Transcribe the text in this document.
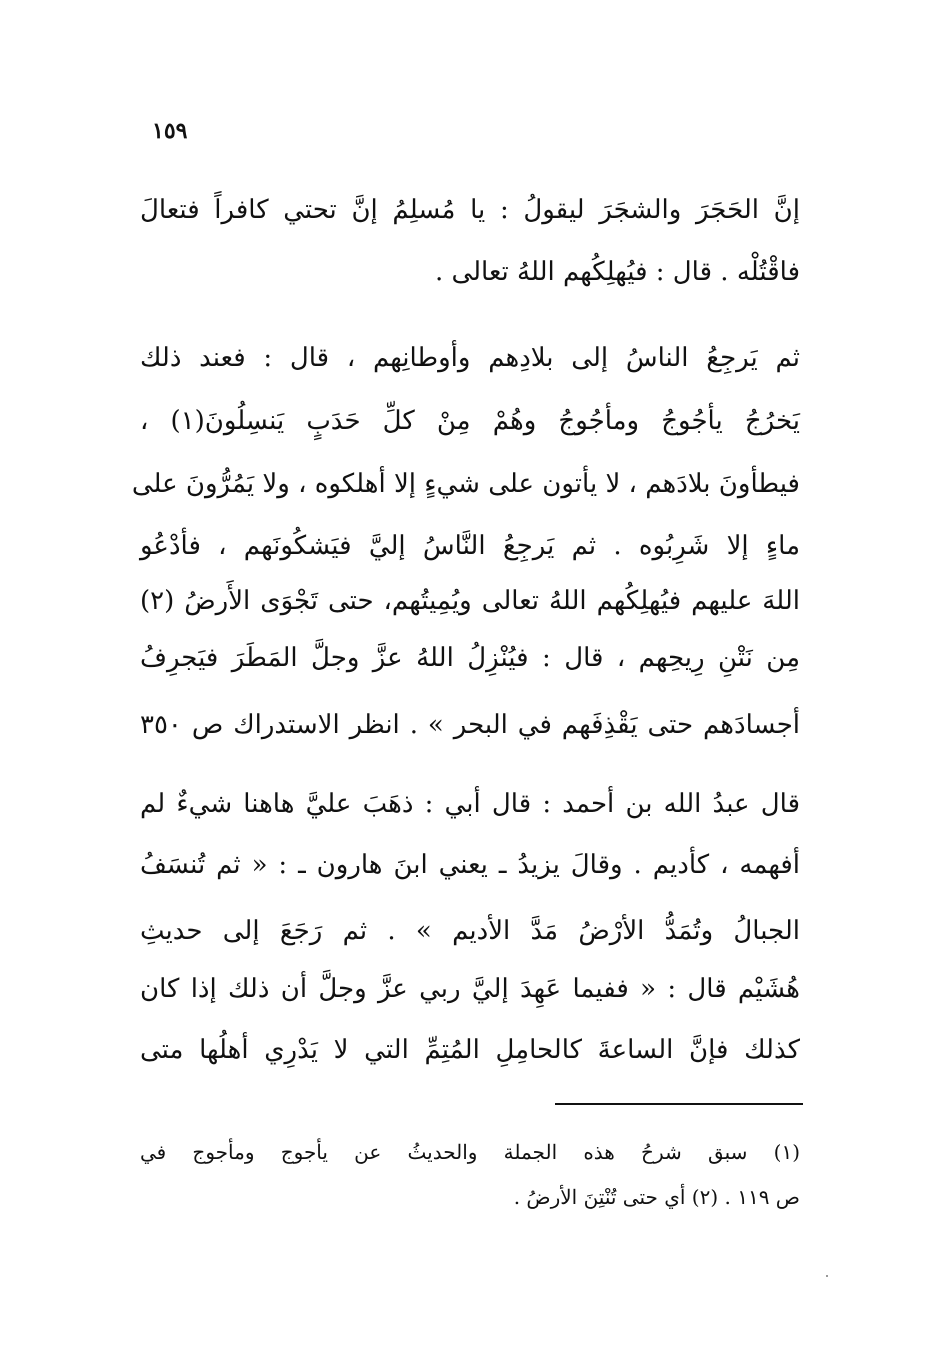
١٥٩
إنَّ الحَجَرَ والشجَرَ ليقولُ : يا مُسلِمُ إنَّ تحتي كافراً فتعالَ
فاقْتُلْه . قال : فيُهلِكُهم اللهُ تعالى .
ثم يَرجِعُ الناسُ إلى بلادِهم وأوطانِهم ، قال : فعند ذلك
يَخرُجُ يأجُوجُ ومأجُوجُ وهُمْ مِنْ كلِّ حَدَبٍ يَنسِلُونَ(١) ،
فيطأونَ بلادَهم ، لا يأتون على شيءٍ إلا أهلكوه ، ولا يَمُرُّونَ على
ماءٍ إلا شَرِبُوه . ثم يَرجِعُ النَّاسُ إليَّ فيَشكُونَهم ، فأدْعُو
اللهَ عليهم فيُهلِكُهم اللهُ تعالى ويُمِيتُهم، حتى تَجْوَى الأَرضُ (٢)
مِن نَتْنِ رِيحِهم ، قال : فيُنْزِلُ اللهُ عزَّ وجلَّ المَطَرَ فيَجرِفُ
أجسادَهم حتى يَقْذِفَهم في البحر » . انظر الاستدراك ص ٣٥٠
قال عبدُ الله بن أحمد : قال أبي : ذهَبَ عليَّ هاهنا شيءٌ لم
أفهمه ، كأديم . وقالَ يزيدُ ـ يعني ابنَ هارون ـ : « ثم تُنسَفُ
الجبالُ وتُمَدُّ الأرْضُ مَدَّ الأديم » . ثم رَجَعَ إلى حديثِ
هُشَيْم قال : « ففيما عَهِدَ إليَّ ربي عزَّ وجلَّ أن ذلك إذا كان
كذلك فإنَّ الساعةَ كالحامِلِ المُتِمِّ التي لا يَدْرِي أهلُها متى
(١) سبق شرحُ هذه الجملة والحديثُ عن يأجوج ومأجوج في
ص ١١٩ . (٢) أي حتى تُنْتِنَ الأرضُ .
